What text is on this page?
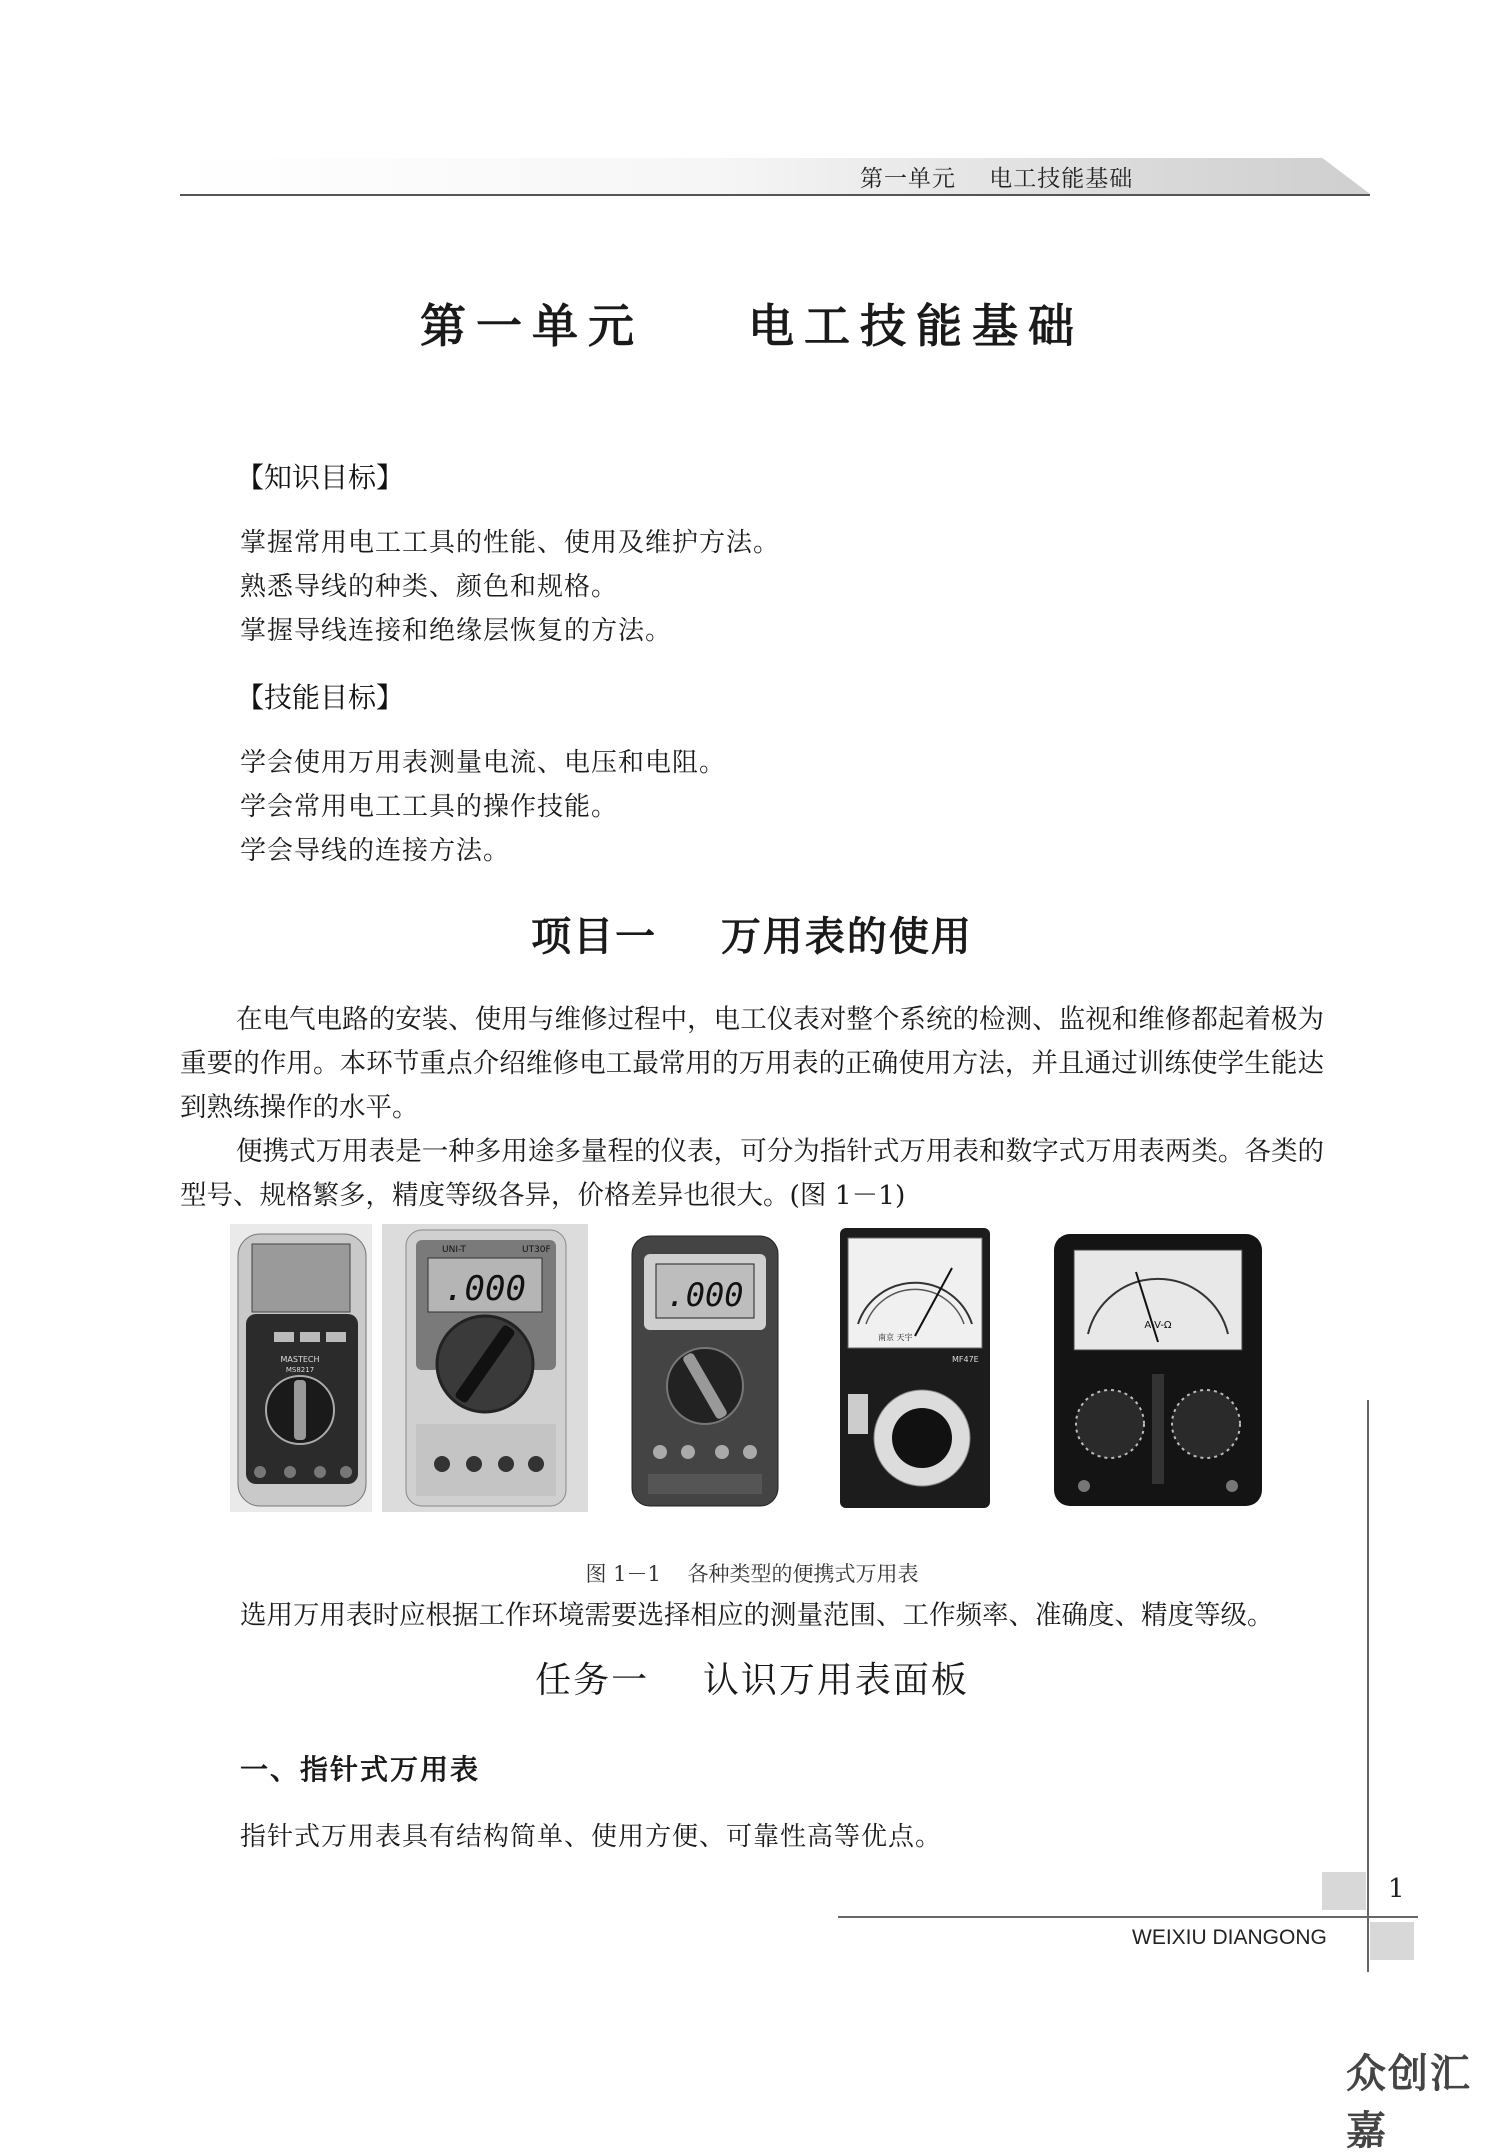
第一单元    电工技能基础
第一单元    电工技能基础
【知识目标】
掌握常用电工工具的性能、使用及维护方法。
熟悉导线的种类、颜色和规格。
掌握导线连接和绝缘层恢复的方法。
【技能目标】
学会使用万用表测量电流、电压和电阻。
学会常用电工工具的操作技能。
学会导线的连接方法。
项目一    万用表的使用
在电气电路的安装、使用与维修过程中，电工仪表对整个系统的检测、监视和维修都起着极为重要的作用。本环节重点介绍维修电工最常用的万用表的正确使用方法，并且通过训练使学生能达到熟练操作的水平。
便携式万用表是一种多用途多量程的仪表，可分为指针式万用表和数字式万用表两类。各类的型号、规格繁多，精度等级各异，价格差异也很大。(图 1－1)
MASTECH
MS8217
.000
UNI-T	UT30F
.000
南京 天宇
MF47E
A-V-Ω
图 1－1    各种类型的便携式万用表
选用万用表时应根据工作环境需要选择相应的测量范围、工作频率、准确度、精度等级。
任务一    认识万用表面板
一、指针式万用表
指针式万用表具有结构简单、使用方便、可靠性高等优点。
1
WEIXIU DIANGONG
众创汇嘉
